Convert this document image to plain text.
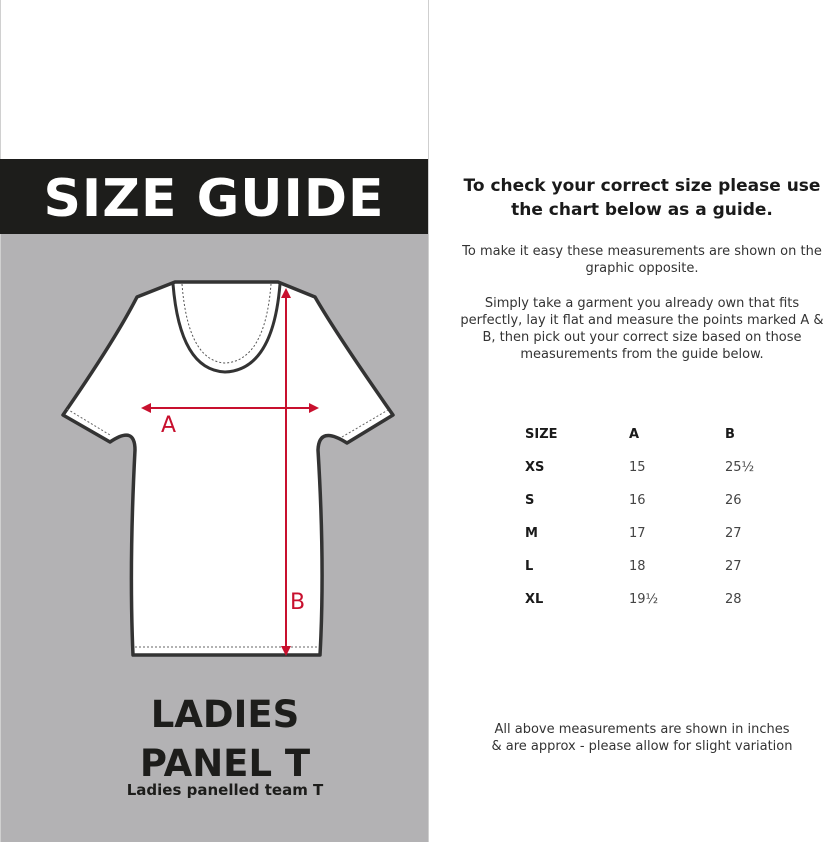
SIZE GUIDE
A
B
LADIES
PANEL T
Ladies panelled team T
To check your correct size please use the chart below as a guide.
To make it easy these measurements are shown on the graphic opposite.
Simply take a garment you already own that fits perfectly, lay it flat and measure the points marked A & B, then pick out your correct size based on those measurements from the guide below.
SIZE	A	B
XS	15	25½
S	16	26
M	17	27
L	18	27
XL	19½	28
All above measurements are shown in inches
& are approx - please allow for slight variation
